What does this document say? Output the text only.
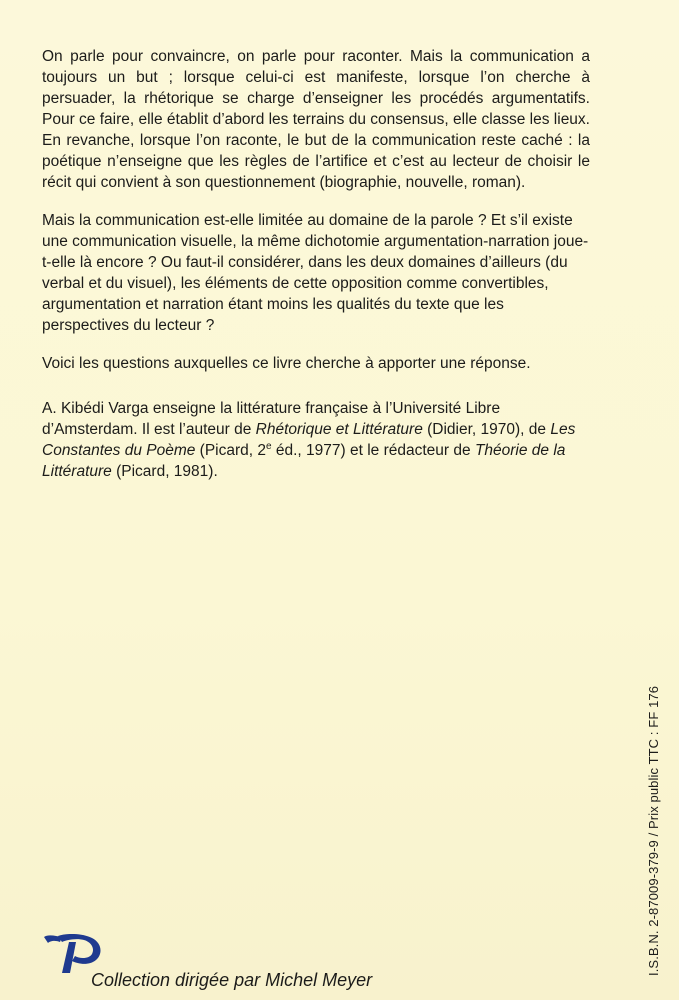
On parle pour convaincre, on parle pour raconter. Mais la communication a toujours un but ; lorsque celui-ci est manifeste, lorsque l’on cherche à persuader, la rhétorique se charge d’enseigner les procédés argumentatifs. Pour ce faire, elle établit d’abord les terrains du consensus, elle classe les lieux. En revanche, lorsque l’on raconte, le but de la communication reste caché : la poétique n’enseigne que les règles de l’artifice et c’est au lecteur de choisir le récit qui convient à son questionnement (biographie, nouvelle, roman).

Mais la communication est-elle limitée au domaine de la parole ? Et s’il existe une communication visuelle, la même dichotomie argumentation-narration joue-t-elle là encore ? Ou faut-il considérer, dans les deux domaines d’ailleurs (du verbal et du visuel), les éléments de cette opposition comme convertibles, argumentation et narration étant moins les qualités du texte que les perspectives du lecteur ?

Voici les questions auxquelles ce livre cherche à apporter une réponse.

A. Kibédi Varga enseigne la littérature française à l’Université Libre d’Amsterdam. Il est l’auteur de Rhétorique et Littérature (Didier, 1970), de Les Constantes du Poème (Picard, 2e éd., 1977) et le rédacteur de Théorie de la Littérature (Picard, 1981).

I.S.B.N. 2-87009-379-9 / Prix public TTC : FF 176
Collection dirigée par Michel Meyer
